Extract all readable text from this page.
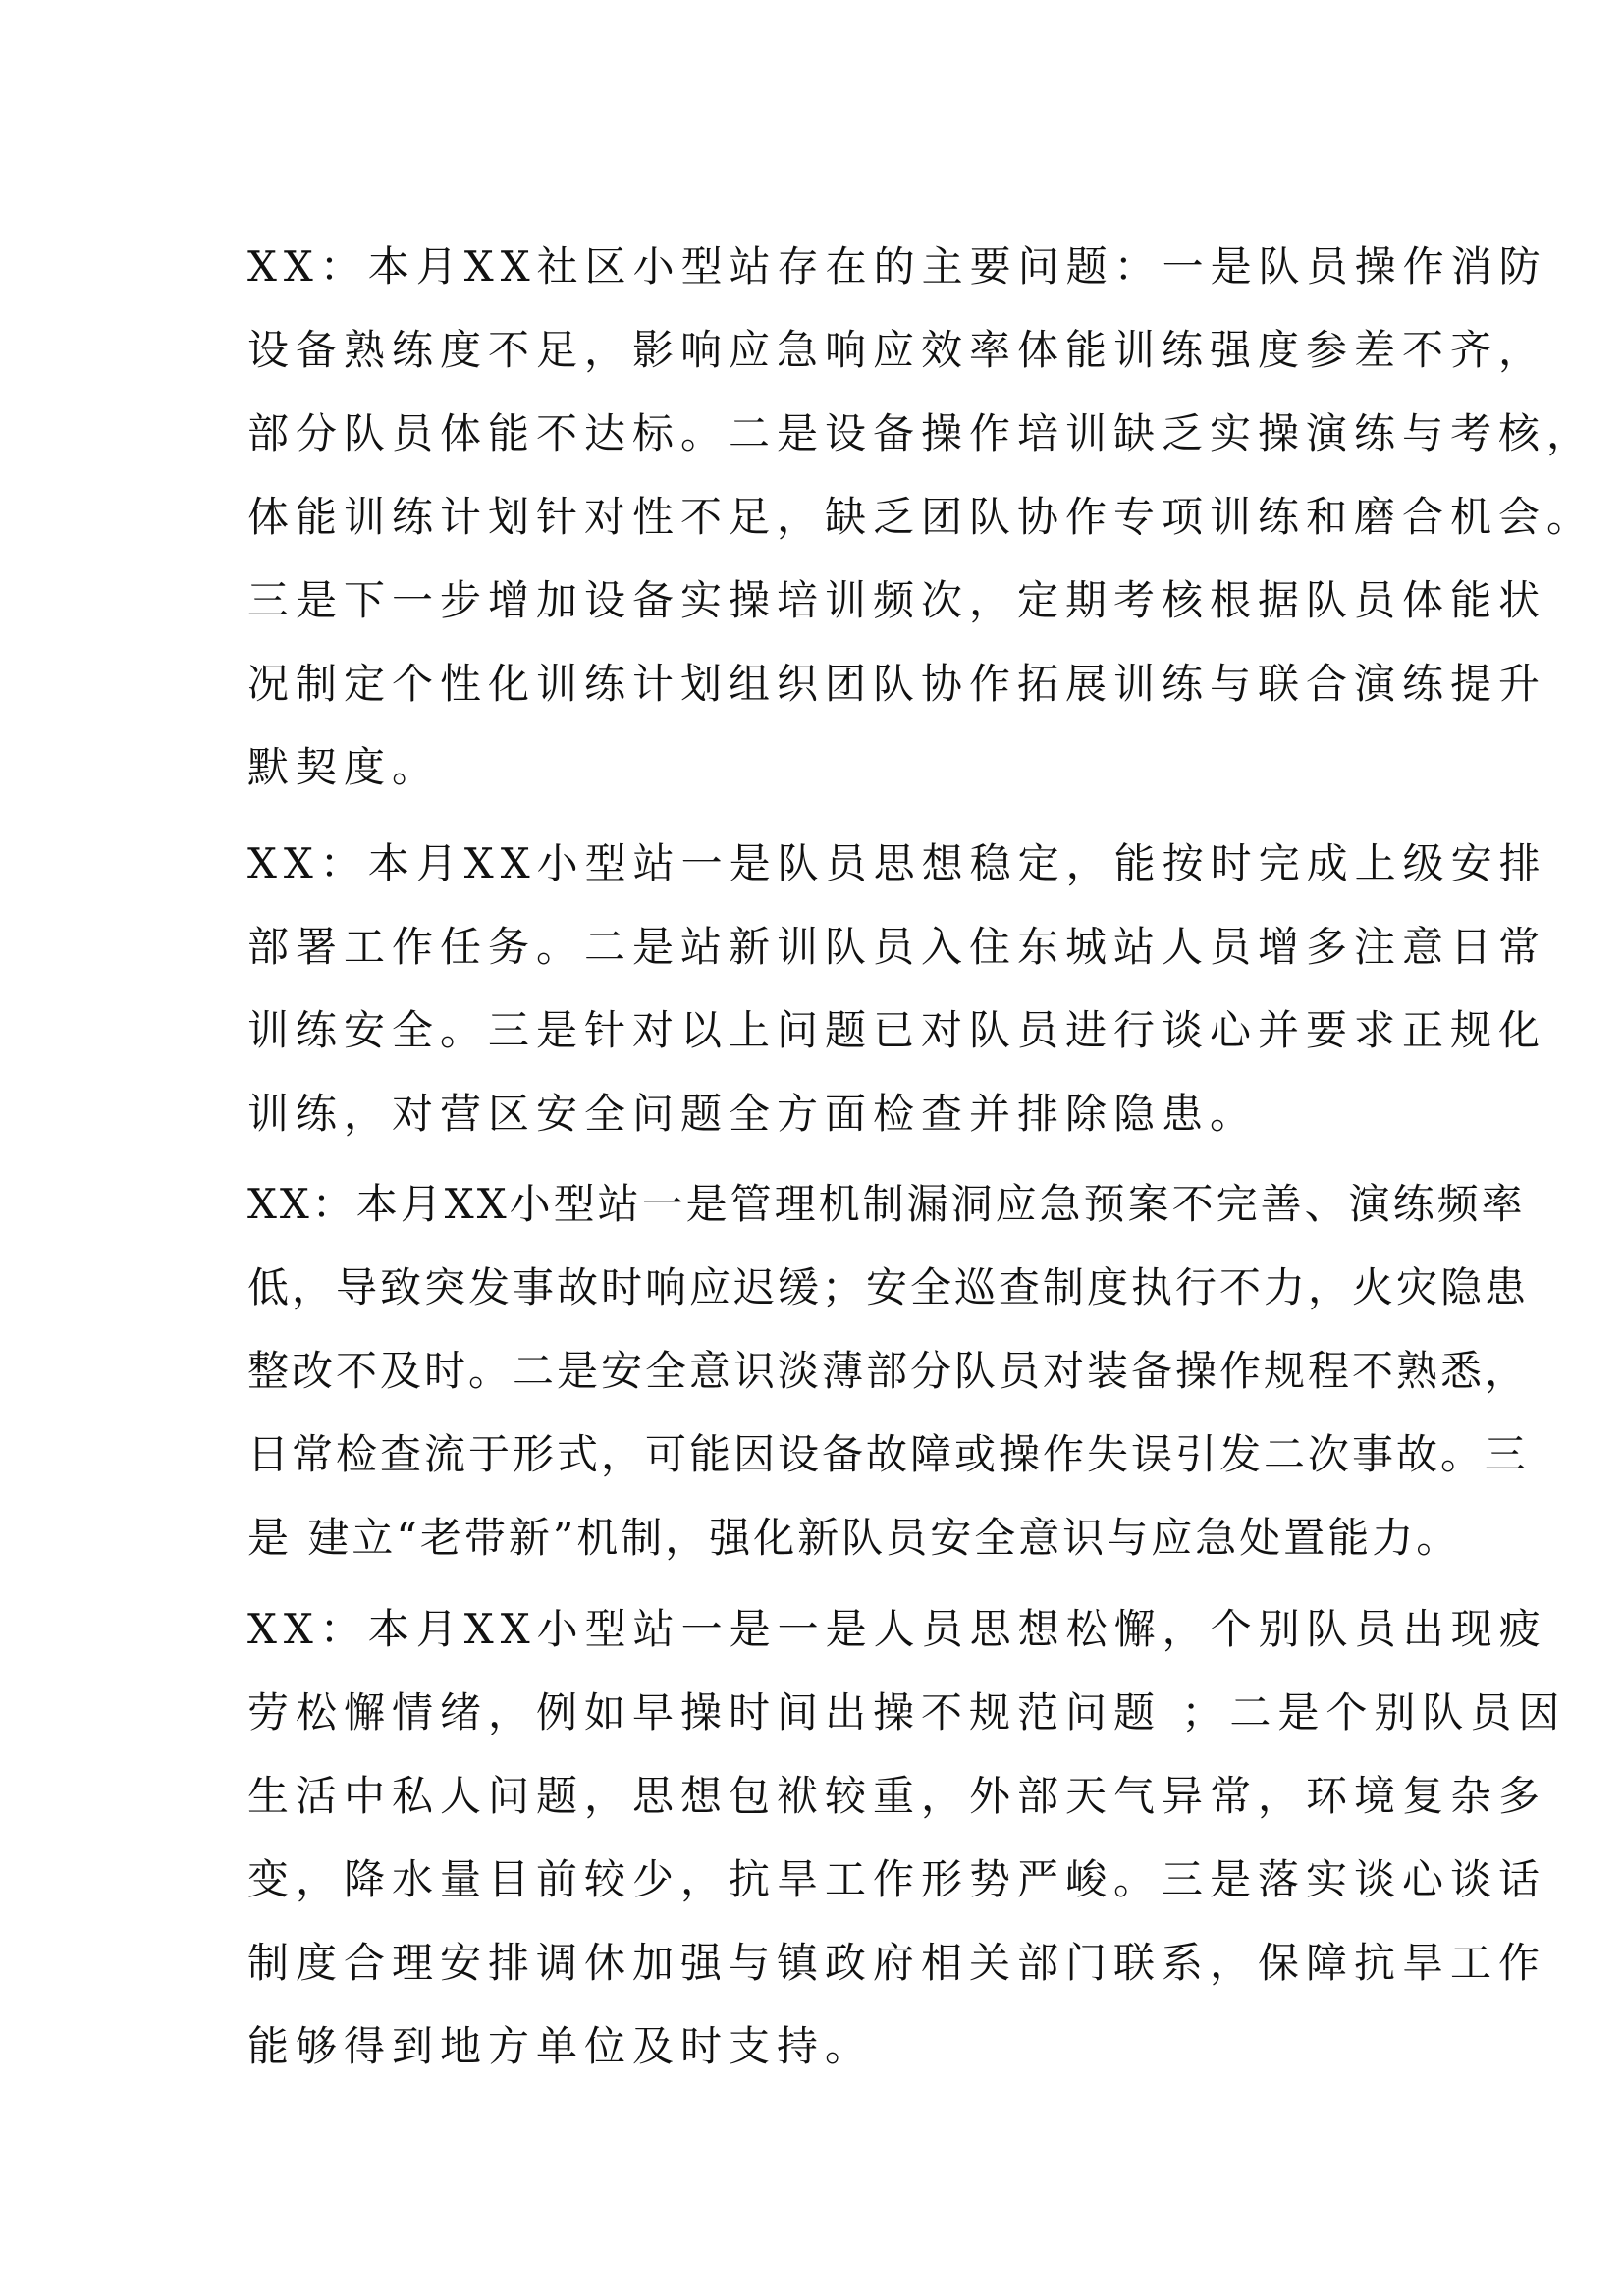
XX：本月XX社区小型站存在的主要问题：一是队员操作消防
设备熟练度不足，影响应急响应效率体能训练强度参差不齐，
部分队员体能不达标。二是设备操作培训缺乏实操演练与考核，
体能训练计划针对性不足，缺乏团队协作专项训练和磨合机会。
三是下一步增加设备实操培训频次，定期考核根据队员体能状
况制定个性化训练计划组织团队协作拓展训练与联合演练提升
默契度。
XX：本月XX小型站一是队员思想稳定，能按时完成上级安排
部署工作任务。二是站新训队员入住东城站人员增多注意日常
训练安全。三是针对以上问题已对队员进行谈心并要求正规化
训练，对营区安全问题全方面检查并排除隐患。
XX：本月XX小型站一是管理机制漏洞应急预案不完善、演练频率
低，导致突发事故时响应迟缓；安全巡查制度执行不力，火灾隐患
整改不及时。二是安全意识淡薄部分队员对装备操作规程不熟悉，
日常检查流于形式，可能因设备故障或操作失误引发二次事故。三
是 建立“老带新”机制，强化新队员安全意识与应急处置能力。
XX：本月XX小型站一是一是人员思想松懈，个别队员出现疲
劳松懈情绪，例如早操时间出操不规范问题 ；二是个别队员因
生活中私人问题，思想包袱较重，外部天气异常，环境复杂多
变，降水量目前较少，抗旱工作形势严峻。三是落实谈心谈话
制度合理安排调休加强与镇政府相关部门联系，保障抗旱工作
能够得到地方单位及时支持。
